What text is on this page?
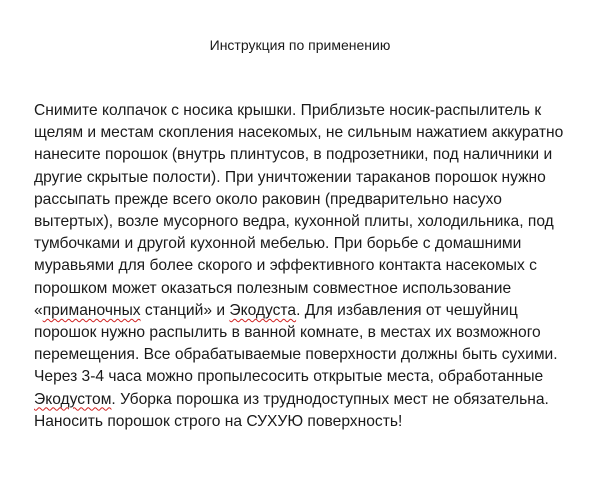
Инструкция по применению

Снимите колпачок с носика крышки. Приблизьте носик-распылитель к щелям и местам скопления насекомых, не сильным нажатием аккуратно нанесите порошок (внутрь плинтусов, в подрозетники, под наличники и другие скрытые полости). При уничтожении тараканов порошок нужно рассыпать прежде всего около раковин (предварительно насухо вытертых), возле мусорного ведра, кухонной плиты, холодильника, под тумбочками и другой кухонной мебелью. При борьбе с домашними муравьями для более скорого и эффективного контакта насекомых с порошком может оказаться полезным совместное использование «приманочных станций» и Экодуста. Для избавления от чешуйниц порошок нужно распылить в ванной комнате, в местах их возможного перемещения. Все обрабатываемые поверхности должны быть сухими. Через 3-4 часа можно пропылесосить открытые места, обработанные Экодустом. Уборка порошка из труднодоступных мест не обязательна. Наносить порошок строго на СУХУЮ поверхность!
